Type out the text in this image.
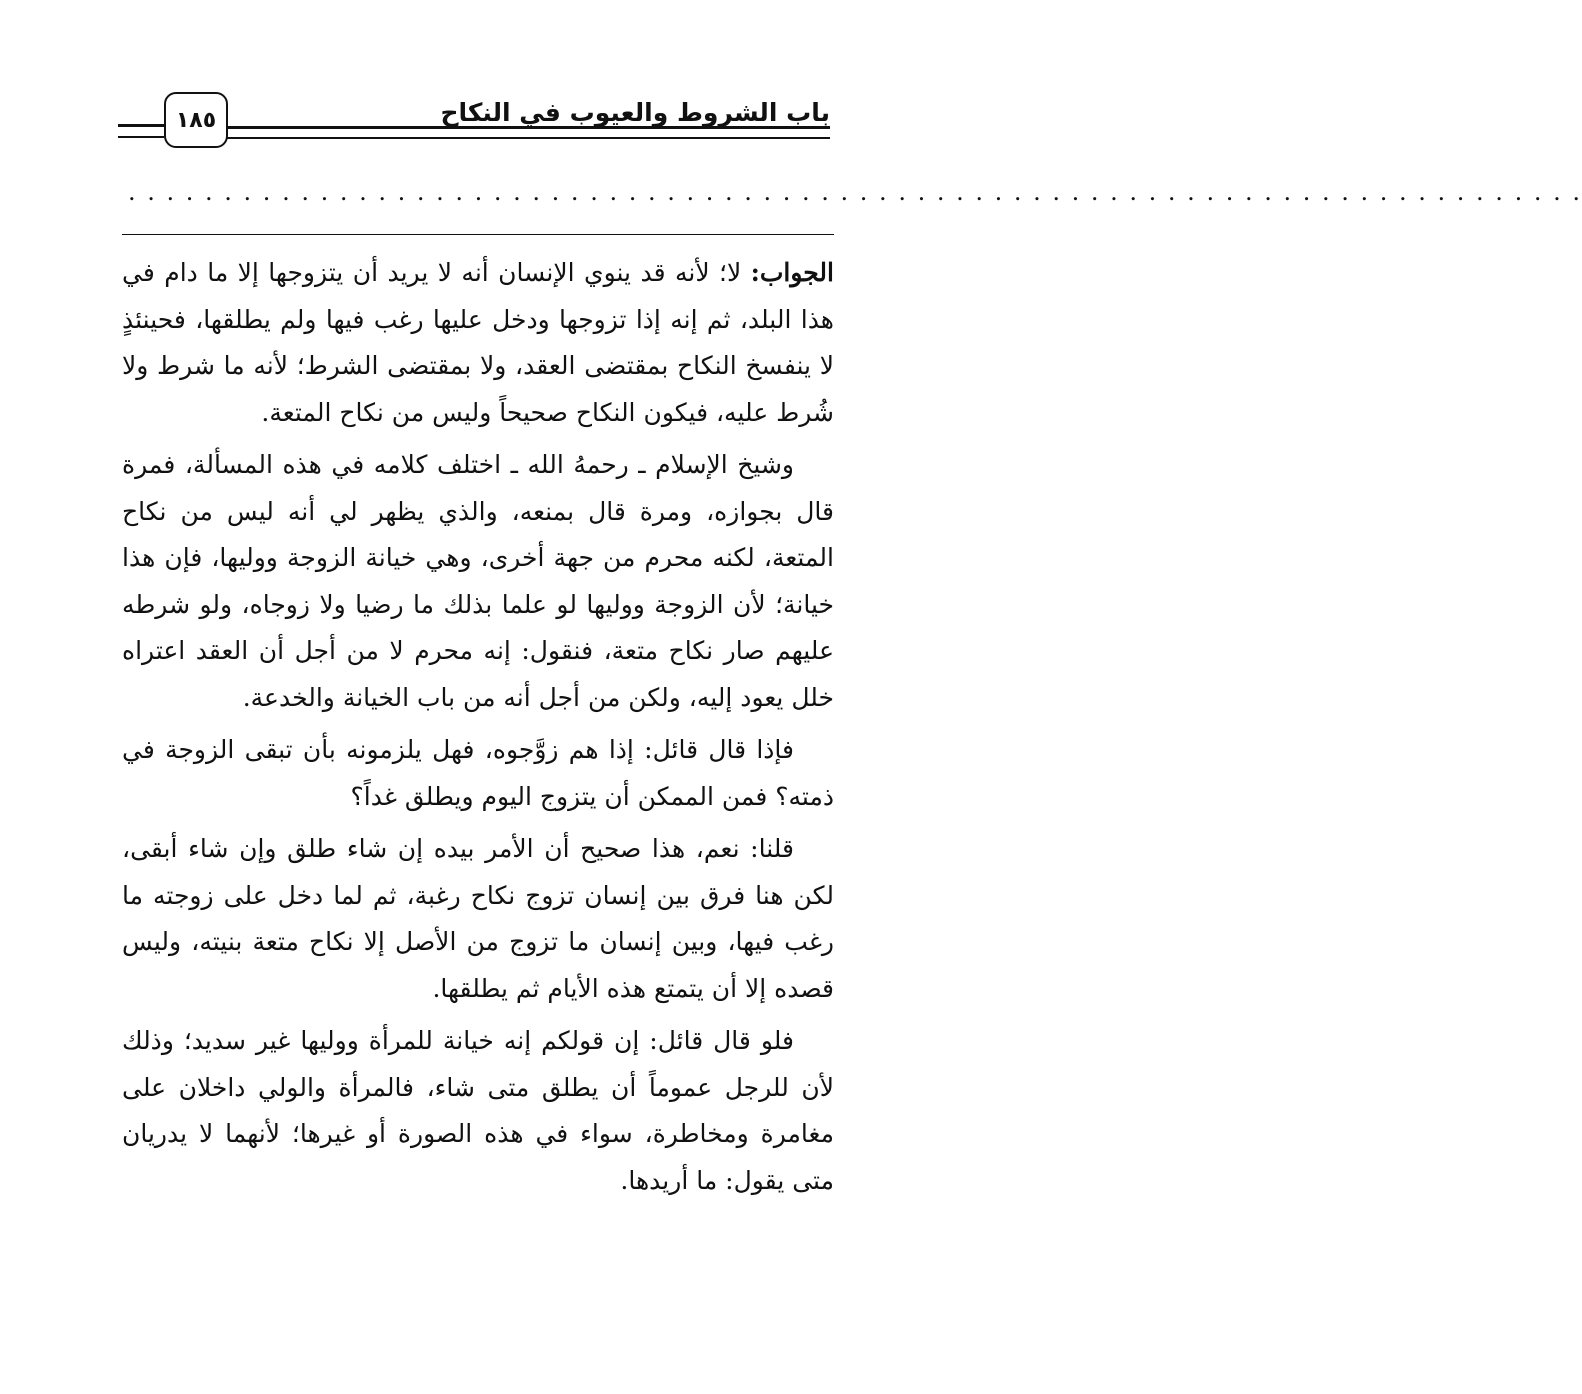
١٨٥	باب الشروط والعيوب في النكاح
. . . . . . . . . . . . . . . . . . . . . . . . . . . . . . . . . . . . . . . . . . . . . . . . . . . . . . . . . . . . . . . . . . . . . . . . . . . .

الجواب: لا؛ لأنه قد ينوي الإنسان أنه لا يريد أن يتزوجها إلا ما دام في هذا البلد، ثم إنه إذا تزوجها ودخل عليها رغب فيها ولم يطلقها، فحينئذٍ لا ينفسخ النكاح بمقتضى العقد، ولا بمقتضى الشرط؛ لأنه ما شرط ولا شُرط عليه، فيكون النكاح صحيحاً وليس من نكاح المتعة.

وشيخ الإسلام ـ رحمهُ الله ـ اختلف كلامه في هذه المسألة، فمرة قال بجوازه، ومرة قال بمنعه، والذي يظهر لي أنه ليس من نكاح المتعة، لكنه محرم من جهة أخرى، وهي خيانة الزوجة ووليها، فإن هذا خيانة؛ لأن الزوجة ووليها لو علما بذلك ما رضيا ولا زوجاه، ولو شرطه عليهم صار نكاح متعة، فنقول: إنه محرم لا من أجل أن العقد اعتراه خلل يعود إليه، ولكن من أجل أنه من باب الخيانة والخدعة.

فإذا قال قائل: إذا هم زوَّجوه، فهل يلزمونه بأن تبقى الزوجة في ذمته؟ فمن الممكن أن يتزوج اليوم ويطلق غداً؟

قلنا: نعم، هذا صحيح أن الأمر بيده إن شاء طلق وإن شاء أبقى، لكن هنا فرق بين إنسان تزوج نكاح رغبة، ثم لما دخل على زوجته ما رغب فيها، وبين إنسان ما تزوج من الأصل إلا نكاح متعة بنيته، وليس قصده إلا أن يتمتع هذه الأيام ثم يطلقها.

فلو قال قائل: إن قولكم إنه خيانة للمرأة ووليها غير سديد؛ وذلك لأن للرجل عموماً أن يطلق متى شاء، فالمرأة والولي داخلان على مغامرة ومخاطرة، سواء في هذه الصورة أو غيرها؛ لأنهما لا يدريان متى يقول: ما أريدها.
